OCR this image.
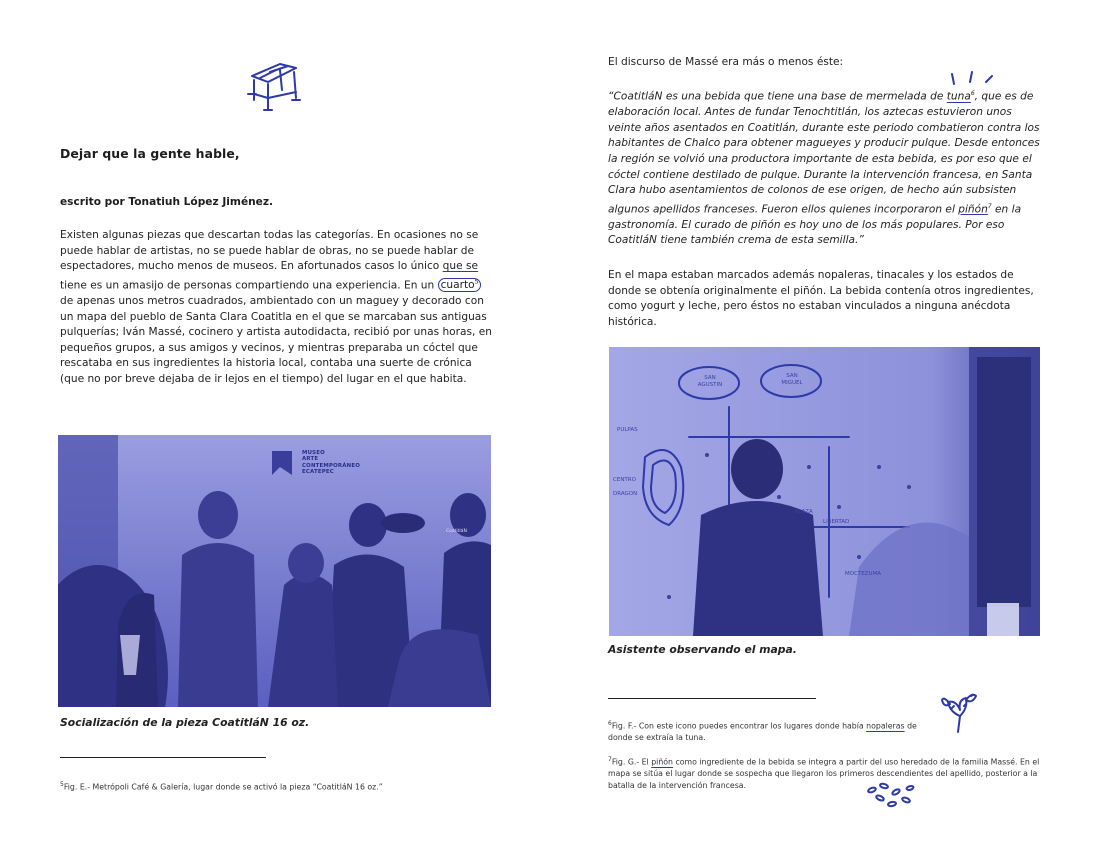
Dejar que la gente hable,
escrito por Tonatiuh López Jiménez.
Existen algunas piezas que descartan todas las categorías. En ocasiones no se puede hablar de artistas, no se puede hablar de obras, no se puede hablar de espectadores, mucho menos de museos. En afortunados casos lo único que se tiene es un amasijo de personas compartiendo una experiencia. En un cuarto$^5$ de apenas unos metros cuadrados, ambientado con un maguey y decorado con un mapa del pueblo de Santa Clara Coatitla en el que se marcaban sus antiguas pulquerías; Iván Massé, cocinero y artista autodidacta, recibió por unas horas, en pequeños grupos, a sus amigos y vecinos, y mientras preparaba un cóctel que rescataba en sus ingredientes la historia local, contaba una suerte de crónica (que no por breve dejaba de ir lejos en el tiempo) del lugar en el que habita.
MUSEO
ARTE
CONTEMPORÁNEO
ECATEPEC
CoatitláN
Socialización de la pieza CoatitláN 16 oz.
$^5$Fig. E.- Metrópoli Café & Galería, lugar donde se activó la pieza “CoatitláN 16 oz.”
El discurso de Massé era más o menos éste:
“CoatitláN es una bebida que tiene una base de mermelada de tuna$^6$, que es de elaboración local. Antes de fundar Tenochtitlán, los aztecas estuvieron unos veinte años asentados en Coatitlán, durante este periodo combatieron contra los habitantes de Chalco para obtener magueyes y producir pulque. Desde entonces la región se volvió una productora importante de esta bebida, es por eso que el cóctel contiene destilado de pulque. Durante la intervención francesa, en Santa Clara hubo asentamientos de colonos de ese origen, de hecho aún subsisten algunos apellidos franceses. Fueron ellos quienes incorporaron el piñón$^7$ en la gastronomía. El curado de piñón es hoy uno de los más populares. Por eso CoatitláN tiene también crema de esta semilla.”
En el mapa estaban marcados además nopaleras, tinacales y los estados de donde se obtenía originalmente el piñón. La bebida contenía otros ingredientes, como yogurt y leche, pero éstos no estaban vinculados a ninguna anécdota histórica.
SAN AGUSTIN
SAN MIGUEL
PULPAS
PLAZA
LIBERTAD
MOCTEZUMA
CENTRO
DRAGON
Asistente observando el mapa.
$^6$Fig. F.- Con este icono puedes encontrar los lugares donde había nopaleras de donde se extraía la tuna.
$^7$Fig. G.- El piñón como ingrediente de la bebida se integra a partir del uso heredado de la familia Massé. En el mapa se sitúa el lugar donde se sospecha que llegaron los primeros descendientes del apellido, posterior a la batalla de la intervención francesa.
